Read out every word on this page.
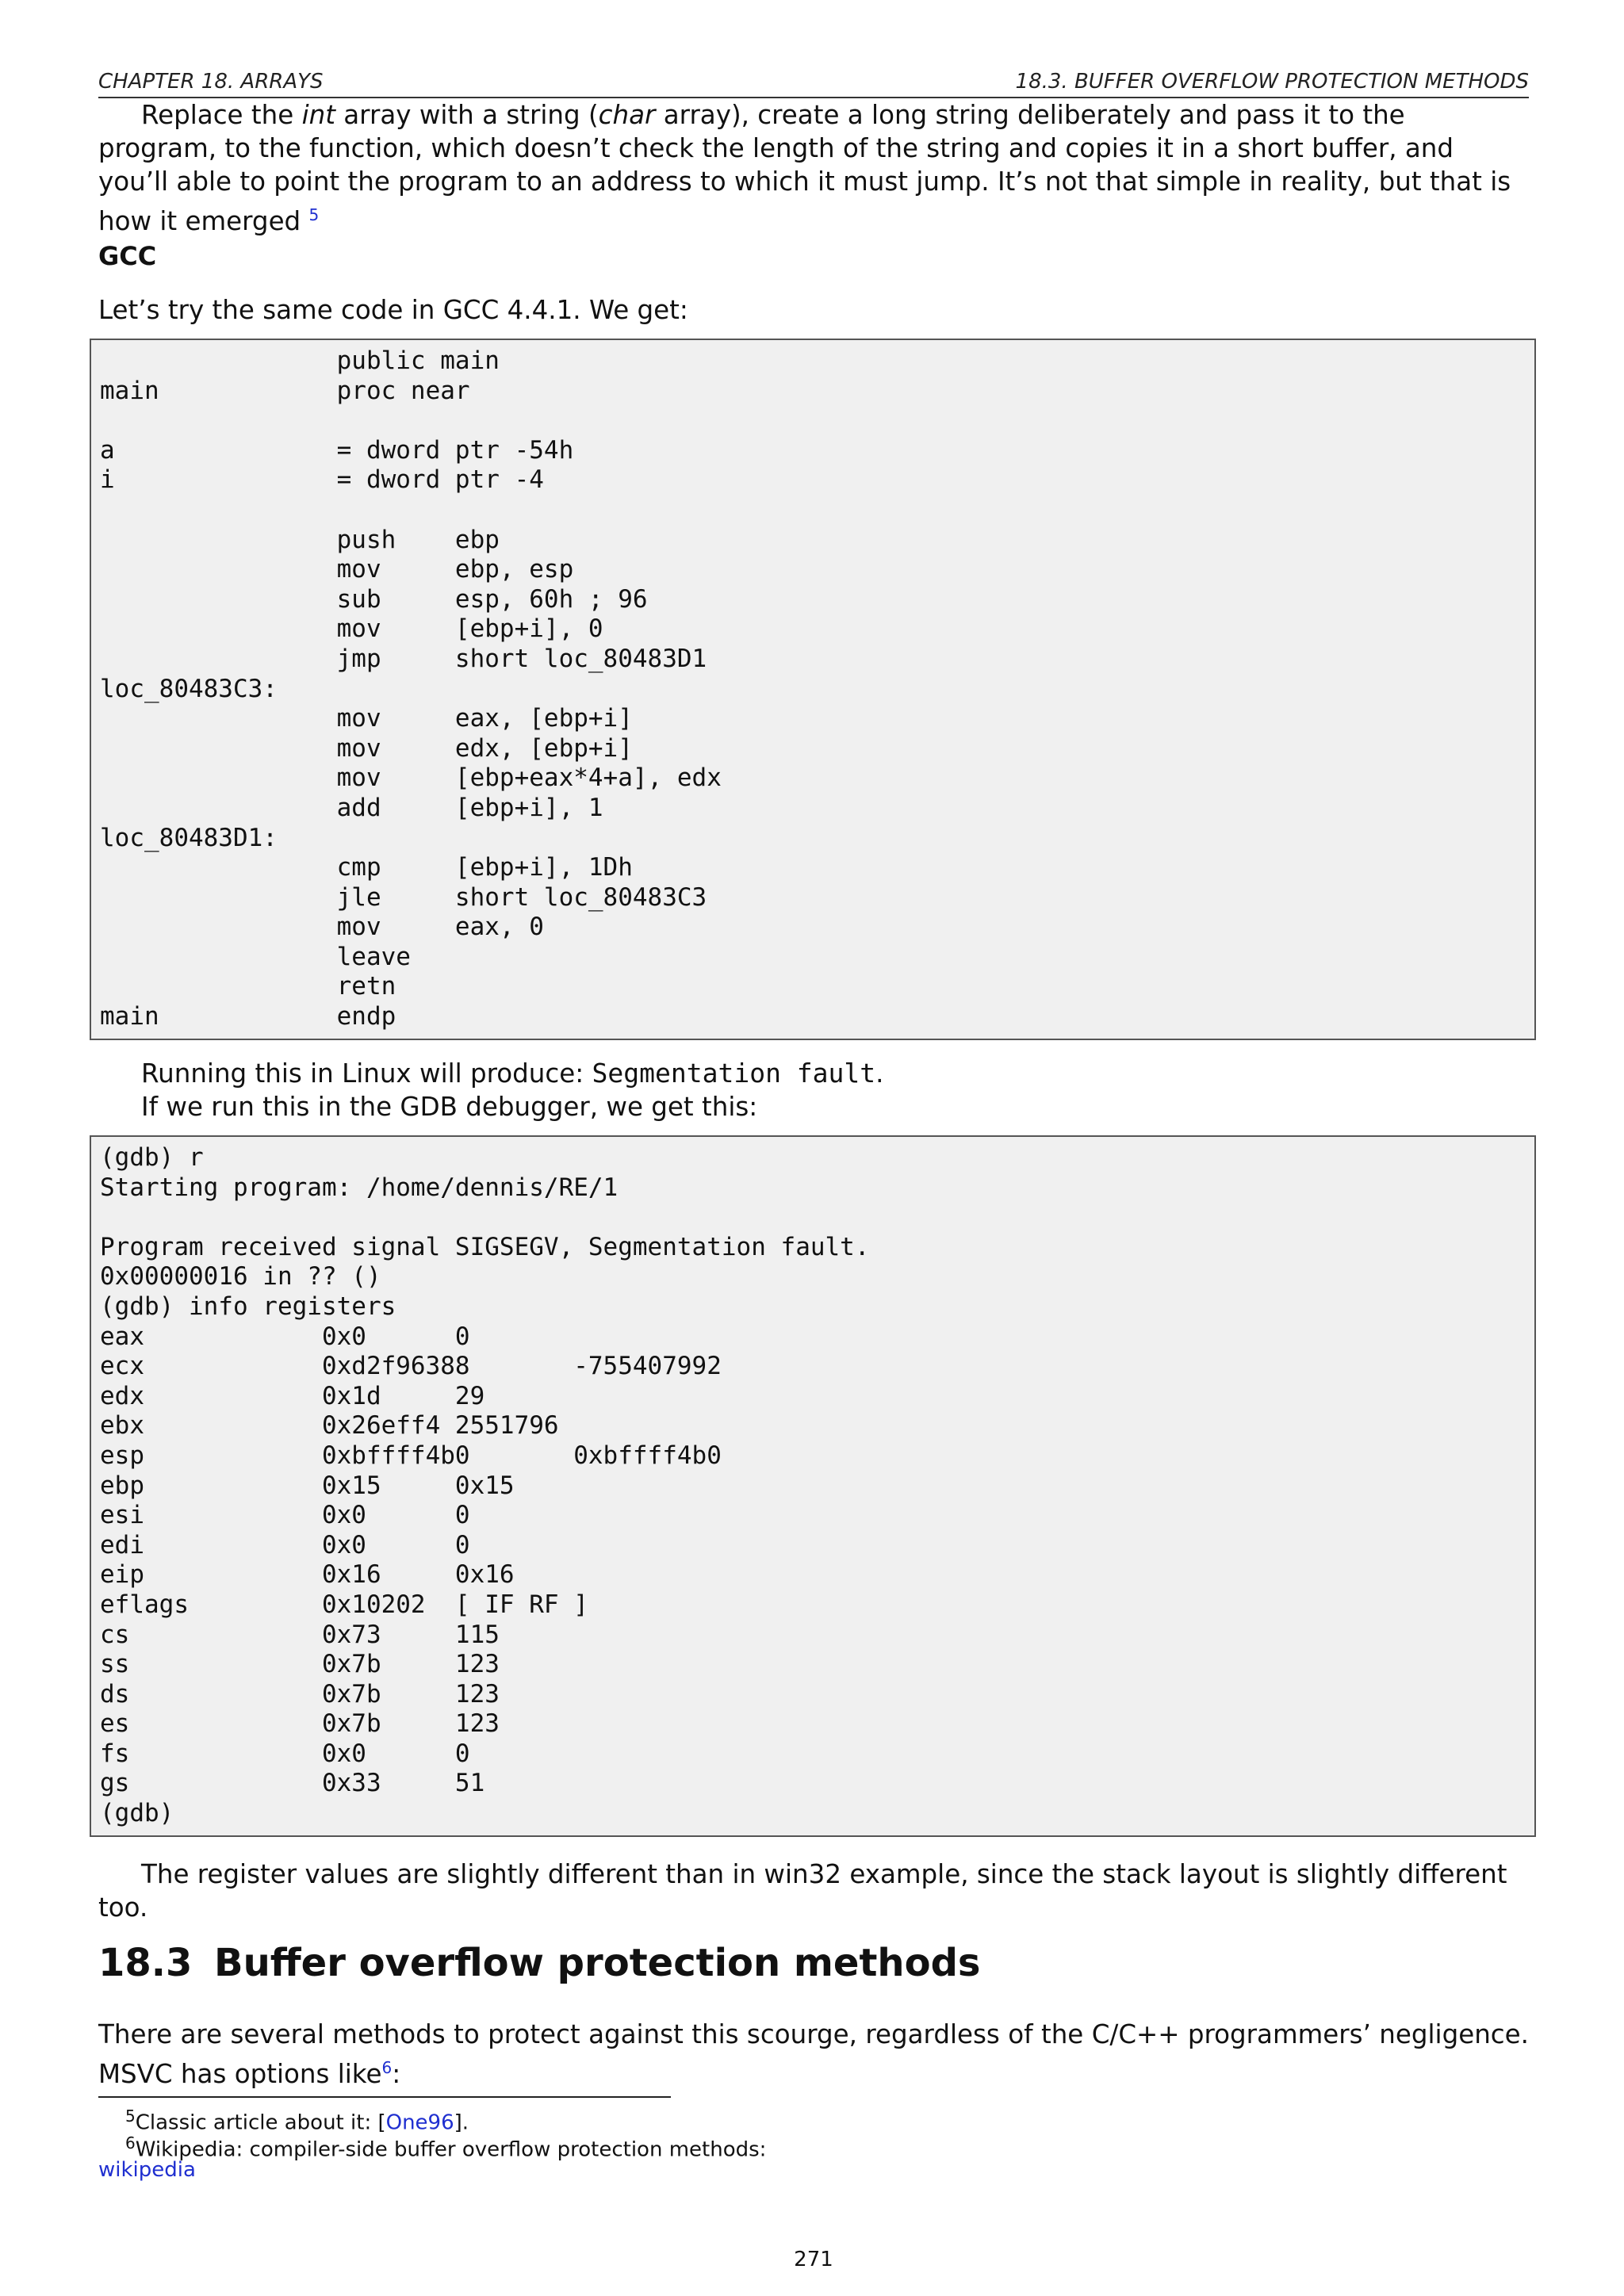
CHAPTER 18. ARRAYS	18.3. BUFFER OVERFLOW PROTECTION METHODS

Replace the int array with a string (char array), create a long string deliberately and pass it to the program, to the function, which doesn’t check the length of the string and copies it in a short buffer, and you’ll able to point the program to an address to which it must jump. It’s not that simple in reality, but that is how it emerged $^5$

GCC

Let’s try the same code in GCC 4.4.1. We get:

public main
main            proc near

a               = dword ptr -54h
i               = dword ptr -4

push    ebp
mov     ebp, esp
sub     esp, 60h ; 96
mov     [ebp+i], 0
jmp     short loc_80483D1
loc_80483C3:
mov     eax, [ebp+i]
mov     edx, [ebp+i]
mov     [ebp+eax*4+a], edx
add     [ebp+i], 1
loc_80483D1:
cmp     [ebp+i], 1Dh
jle     short loc_80483C3
mov     eax, 0
leave
retn
main            endp

Running this in Linux will produce: Segmentation fault.

If we run this in the GDB debugger, we get this:

(gdb) r
Starting program: /home/dennis/RE/1

Program received signal SIGSEGV, Segmentation fault.
0x00000016 in ?? ()
(gdb) info registers
eax            0x0      0
ecx            0xd2f96388       -755407992
edx            0x1d     29
ebx            0x26eff4 2551796
esp            0xbffff4b0       0xbffff4b0
ebp            0x15     0x15
esi            0x0      0
edi            0x0      0
eip            0x16     0x16
eflags         0x10202  [ IF RF ]
cs             0x73     115
ss             0x7b     123
ds             0x7b     123
es             0x7b     123
fs             0x0      0
gs             0x33     51
(gdb)

The register values are slightly different than in win32 example, since the stack layout is slightly different too.

18.3 Buffer overflow protection methods

There are several methods to protect against this scourge, regardless of the C/C++ programmers’ negligence. MSVC has options like$^6$:

$^5$Classic article about it: [One96].
$^6$Wikipedia: compiler-side buffer overflow protection methods:
wikipedia
271
